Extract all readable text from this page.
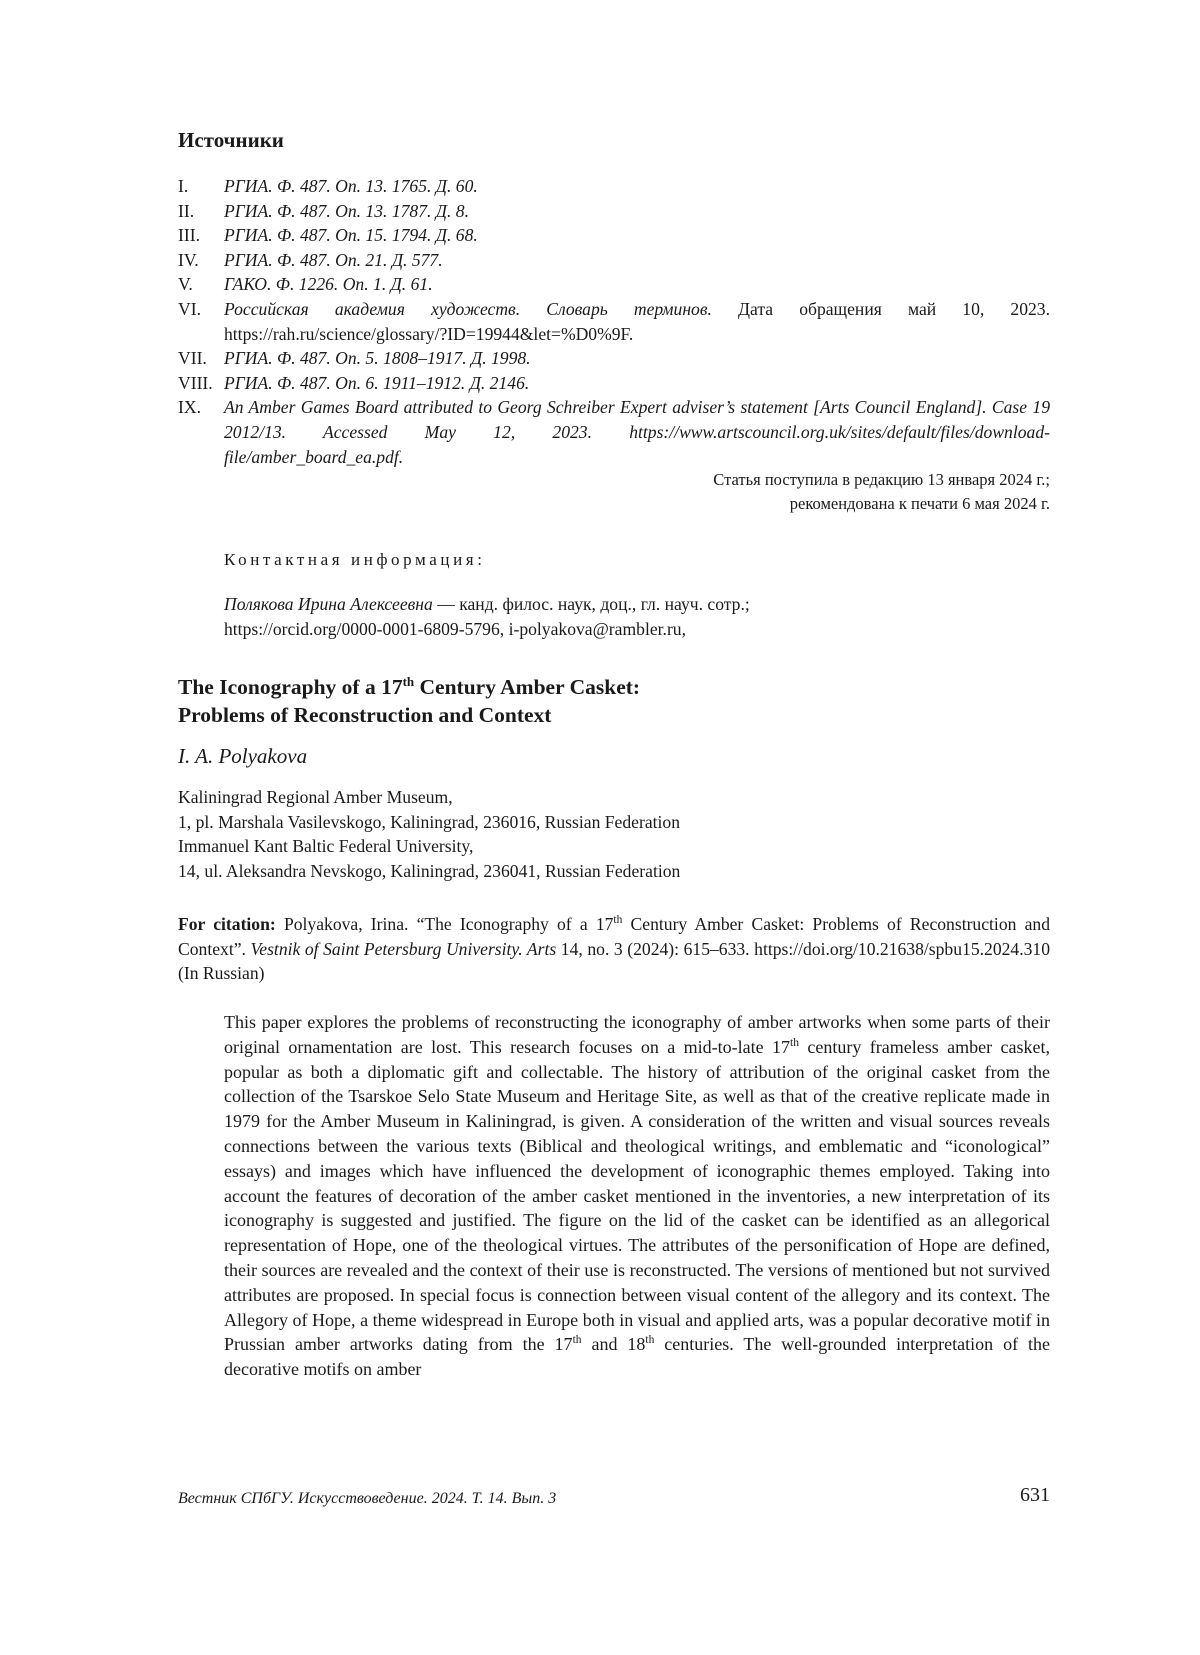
Источники
I.	РГИА. Ф. 487. Оп. 13. 1765. Д. 60.
II.	РГИА. Ф. 487. Оп. 13. 1787. Д. 8.
III.	РГИА. Ф. 487. Оп. 15. 1794. Д. 68.
IV.	РГИА. Ф. 487. Оп. 21. Д. 577.
V.	ГАКО. Ф. 1226. Оп. 1. Д. 61.
VI.	Российская академия художеств. Словарь терминов. Дата обращения май 10, 2023. https://rah.ru/science/glossary/?ID=19944&let=%D0%9F.
VII. РГИА. Ф. 487. Оп. 5. 1808–1917. Д. 1998.
VIII. РГИА. Ф. 487. Оп. 6. 1911–1912. Д. 2146.
IX.	An Amber Games Board attributed to Georg Schreiber Expert adviser’s statement [Arts Council England]. Case 19 2012/13. Accessed May 12, 2023. https://www.artscouncil.org.uk/sites/default/files/download-file/amber_board_ea.pdf.
Статья поступила в редакцию 13 января 2024 г.;
рекомендована к печати 6 мая 2024 г.
Контактная информация:
Полякова Ирина Алексеевна — канд. филос. наук, доц., гл. науч. сотр.;
https://orcid.org/0000-0001-6809-5796, i-polyakova@rambler.ru,
The Iconography of a 17th Century Amber Casket:
Problems of Reconstruction and Context
I. A. Polyakova
Kaliningrad Regional Amber Museum,
1, pl. Marshala Vasilevskogo, Kaliningrad, 236016, Russian Federation
Immanuel Kant Baltic Federal University,
14, ul. Aleksandra Nevskogo, Kaliningrad, 236041, Russian Federation

For citation: Polyakova, Irina. “The Iconography of a 17th Century Amber Casket: Problems of Reconstruction and Context”. Vestnik of Saint Petersburg University. Arts 14, no. 3 (2024): 615–633. https://doi.org/10.21638/spbu15.2024.310 (In Russian)

This paper explores the problems of reconstructing the iconography of amber artworks when some parts of their original ornamentation are lost. This research focuses on a mid-to-late 17th century frameless amber casket, popular as both a diplomatic gift and collectable. The history of attribution of the original casket from the collection of the Tsarskoe Selo State Museum and Heritage Site, as well as that of the creative replicate made in 1979 for the Amber Museum in Kaliningrad, is given. A consideration of the written and visual sources reveals connections between the various texts (Biblical and theological writings, and emblematic and “iconological” essays) and images which have influenced the development of iconographic themes employed. Taking into account the features of decoration of the amber casket mentioned in the inventories, a new interpretation of its iconography is suggested and justified. The figure on the lid of the casket can be identified as an allegorical representation of Hope, one of the theological virtues. The attributes of the personification of Hope are defined, their sources are revealed and the context of their use is reconstructed. The versions of mentioned but not survived attributes are proposed. In special focus is connection between visual content of the allegory and its context. The Allegory of Hope, a theme widespread in Europe both in visual and applied arts, was a popular decorative motif in Prussian amber artworks dating from the 17th and 18th centuries. The well-grounded interpretation of the decorative motifs on amber

Вестник СПбГУ. Искусствоведение. 2024. Т. 14. Вып. 3	631
